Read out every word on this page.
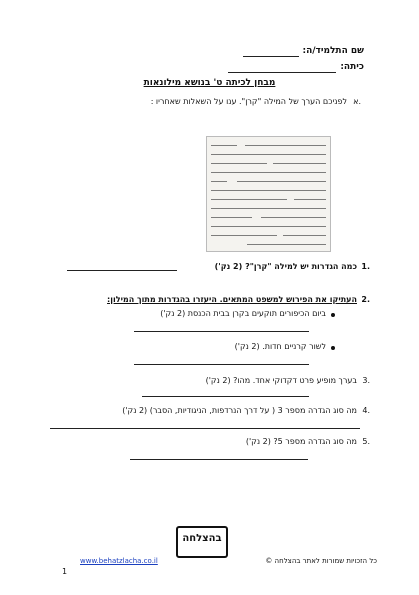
שם התלמיד/ה:
כיתה:
מבחן לכיתה ט' בנושא מילונאות
.א
לפניכם הערך של המילה "קרן". ענו על השאלות שאחריו :
.1
כמה הגדרות יש למילה "קרן"? (2 נק')
.2
העתיקו את הפירוש למשפט המתאים. היעזרו בהגדרות מתוך המילון:
ביום הכיפורים תוקעים בקרן בבית הכנסת (2 נק')
לשור קרניים חדות. (2 נק')
.3
בערך מופיע פרט דקדוקי אחד. מהו? (2 נק')
.4
מה סוג הגדרה מספר 3 ( על דרך הנרדפות, הניגודיות, הסבר) (2 נק')
.5
מה סוג הגדרה מספר 5? (2 נק')
בהצלחה
www.behatzlacha.co.il	כל הזכויות שמורות לאתר בהצלחה ©
1
